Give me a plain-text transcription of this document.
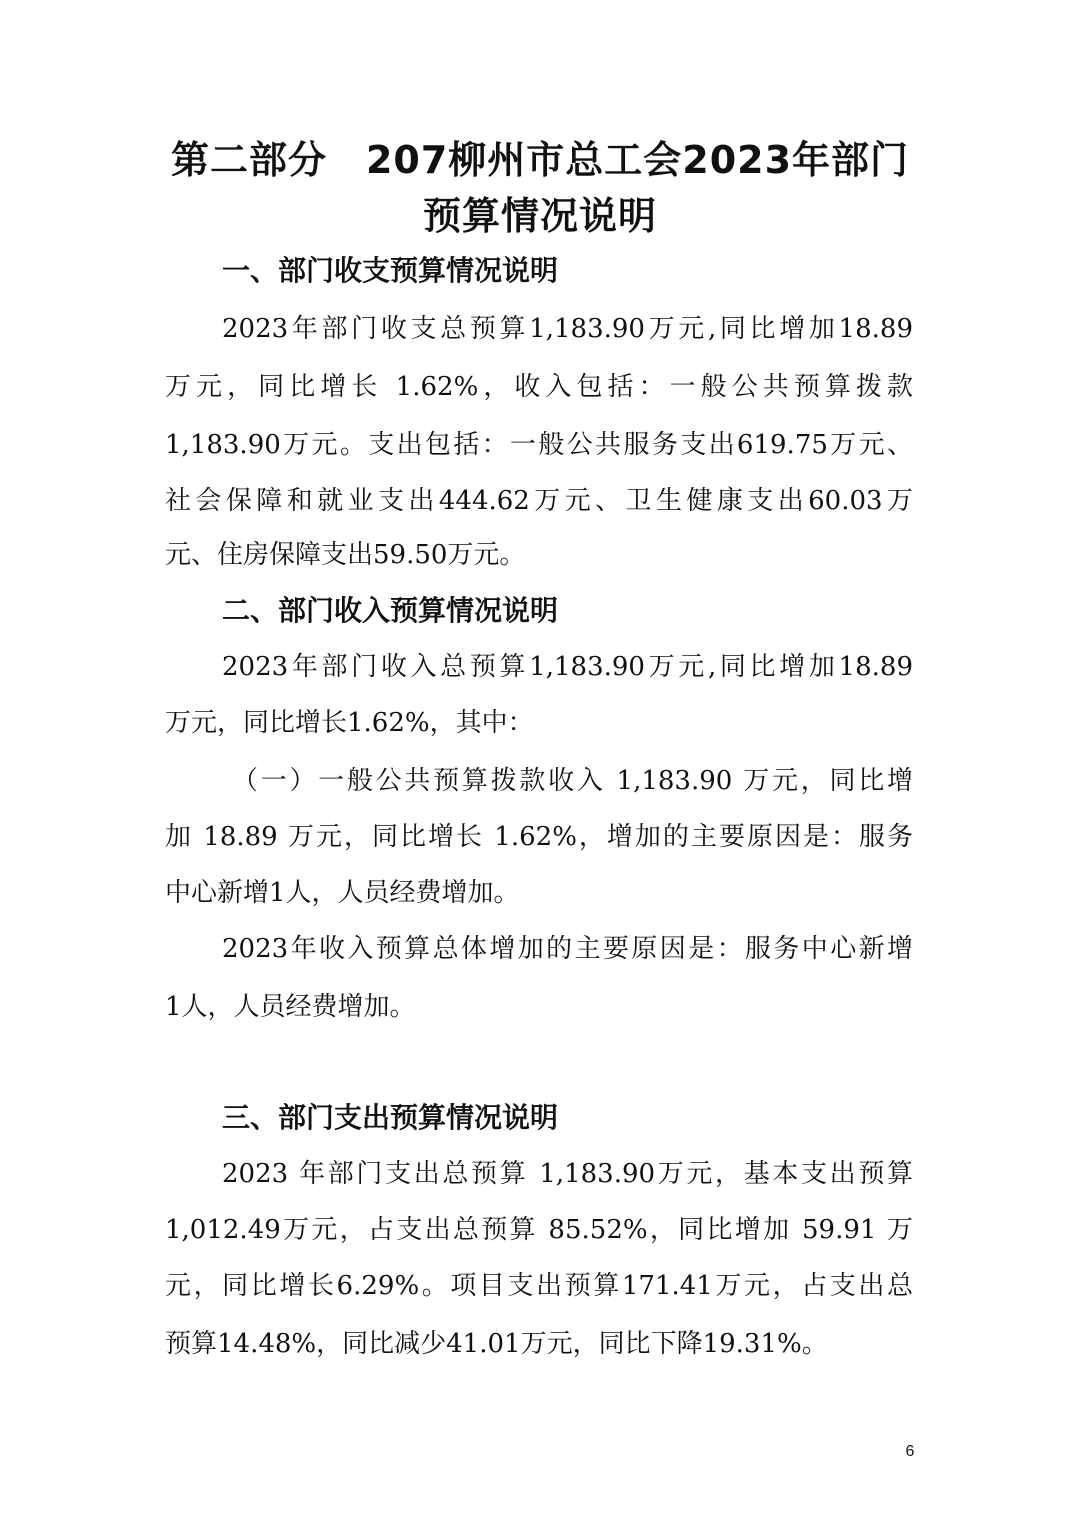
第二部分　207柳州市总工会2023年部门
预算情况说明
一、部门收支预算情况说明
2023年部门收支总预算1,183.90万元,同比增加18.89
万元，同比增长 1.62%，收入包括：一般公共预算拨款
1,183.90万元。支出包括：一般公共服务支出619.75万元、
社会保障和就业支出444.62万元、卫生健康支出60.03万
元、住房保障支出59.50万元。
二、部门收入预算情况说明
2023年部门收入总预算1,183.90万元,同比增加18.89
万元，同比增长1.62%，其中：
（一）一般公共预算拨款收入 1,183.90 万元，同比增
加 18.89 万元，同比增长 1.62%，增加的主要原因是：服务
中心新增1人，人员经费增加。
2023年收入预算总体增加的主要原因是：服务中心新增
1人，人员经费增加。
三、部门支出预算情况说明
2023 年部门支出总预算 1,183.90万元，基本支出预算
1,012.49万元，占支出总预算 85.52%，同比增加 59.91 万
元，同比增长6.29%。项目支出预算171.41万元，占支出总
预算14.48%，同比减少41.01万元，同比下降19.31%。
6
